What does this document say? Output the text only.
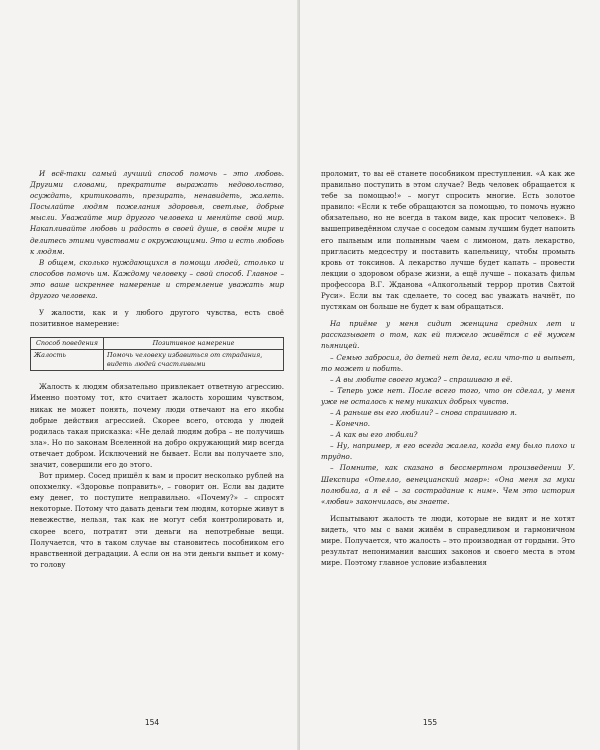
И всё-таки самый лучший способ помочь – это любовь. Другими словами, прекратите выражать недовольство, осуждать, критиковать, презирать, ненавидеть, жалеть. Посылайте людям пожелания здоровья, светлые, добрые мысли. Уважайте мир другого человека и меняйте свой мир. Накапливайте любовь и радость в своей душе, в своём мире и делитесь этими чувствами с окружающими. Это и есть любовь к людям.

В общем, сколько нуждающихся в помощи людей, столько и способов помочь им. Каждому человеку – свой способ. Главное – это ваше искреннее намерение и стремление уважать мир другого человека.

У жалости, как и у любого другого чувства, есть своё позитивное намерение:

Способ поведения	Позитивное намерение
Жалость	Помочь человеку избавиться от страдания, видеть людей счастливыми

Жалость к людям обязательно привлекает ответную агрессию. Именно поэтому тот, кто считает жалость хорошим чувством, никак не может понять, почему люди отвечают на его якобы добрые действия агрессией. Скорее всего, отсюда у людей родилась такая присказка: «Не делай людям добра – не получишь зла». Но по законам Вселенной на добро окружающий мир всегда отвечает добром. Исключений не бывает. Если вы получаете зло, значит, совершили его до этого.

Вот пример. Сосед пришёл к вам и просит несколько рублей на опохмелку. «Здоровье поправить», – говорит он. Если вы дадите ему денег, то поступите неправильно. «Почему?» – спросят некоторые. Потому что давать деньги тем людям, которые живут в невежестве, нельзя, так как не могут себя контролировать и, скорее всего, потратят эти деньги на непотребные вещи. Получается, что в таком случае вы становитесь пособником его нравственной деградации. А если он на эти деньги выпьет и кому-то голову

154

проломит, то вы её станете пособником преступления. «А как же правильно поступить в этом случае? Ведь человек обращается к тебе за помощью!» – могут спросить многие. Есть золотое правило: «Если к тебе обращаются за помощью, то помочь нужно обязательно, но не всегда в таком виде, как просит человек». В вышеприведённом случае с соседом самым лучшим будет напоить его пыльным или полынным чаем с лимоном, дать лекарство, пригласить медсестру и поставить капельницу, чтобы промыть кровь от токсинов. А лекарство лучше будет капать – провести лекции о здоровом образе жизни, а ещё лучше – показать фильм профессора В.Г. Жданова «Алкогольный террор против Святой Руси». Если вы так сделаете, то сосед вас уважать начнёт, по пустякам он больше не будет к вам обращаться.

На приёме у меня сидит женщина средних лет и рассказывает о том, как ей тяжело живётся с её мужем пьяницей.

– Семью забросил, до детей нет дела, если что-то и выпьет, то может и побить.

– А вы любите своего мужа? – спрашиваю я её.

– Теперь уже нет. После всего того, что он сделал, у меня уже не осталось к нему никаких добрых чувств.

– А раньше вы его любили? – снова спрашиваю я.

– Конечно.

– А как вы его любили?

– Ну, например, я его всегда жалела, когда ему было плохо и трудно.

– Помните, как сказано в бессмертном произведении У. Шекспира «Отелло, венецианский мавр»: «Она меня за муки полюбила, а я её – за сострадание к ним». Чем это история «любви» закончилась, вы знаете.

Испытывают жалость те люди, которые не видят и не хотят видеть, что мы с вами живём в справедливом и гармоничном мире. Получается, что жалость – это производная от гордыни. Это результат непонимания высших законов и своего места в этом мире. Поэтому главное условие избавления

155
